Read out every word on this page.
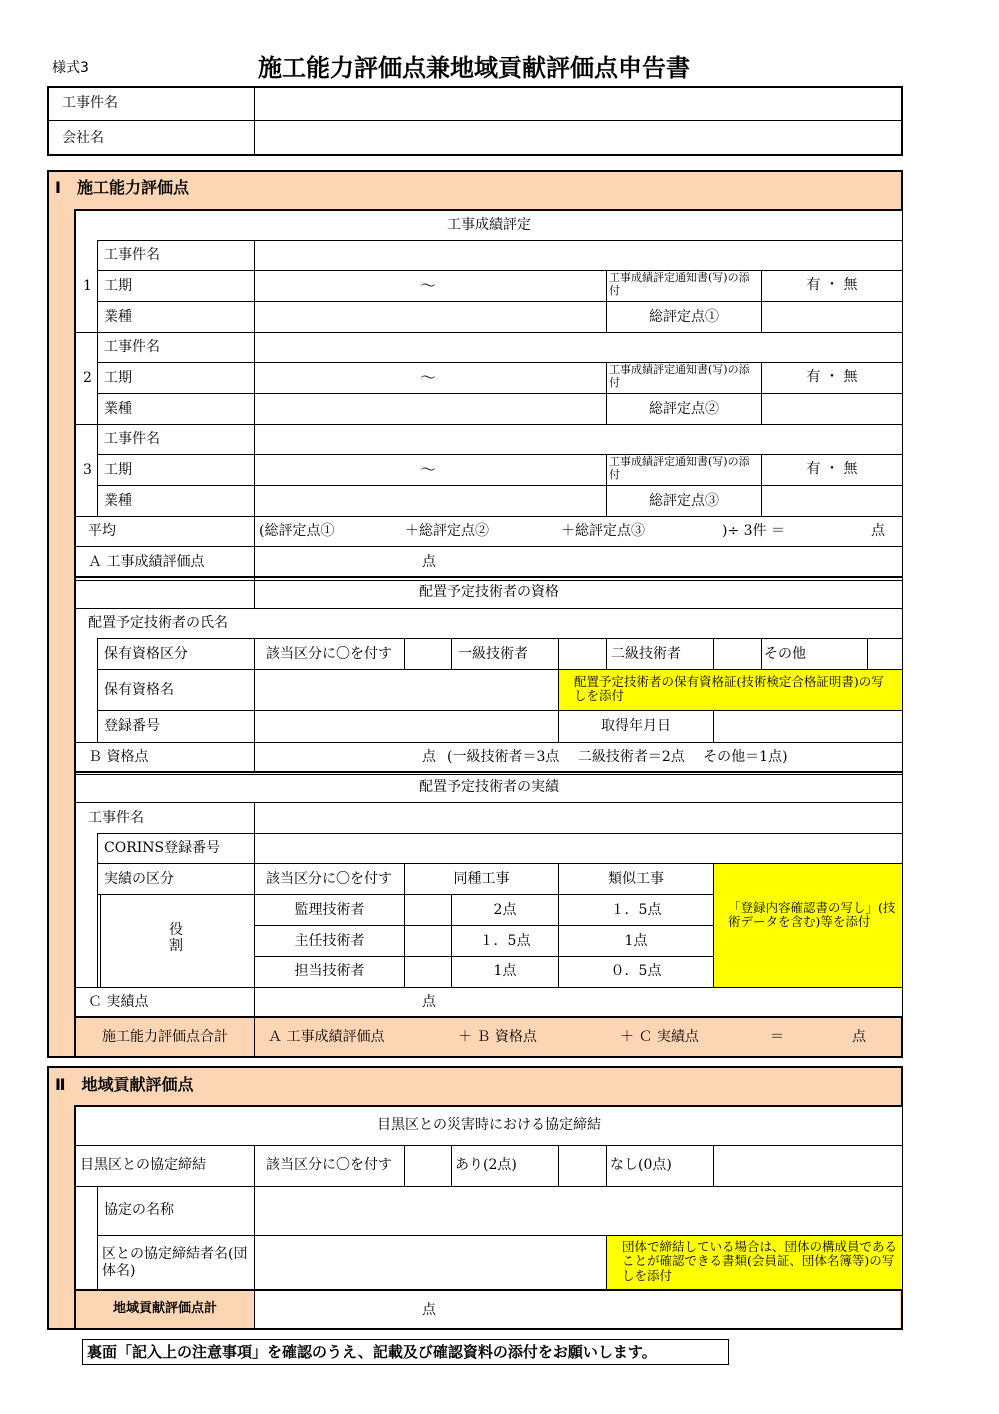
様式3	施工能力評価点兼地域貢献評価点申告書
工事件名
会社名
Ⅰ　施工能力評価点
工事成績評定
1
工事件名
工期	～	工事成績評定通知書(写)の添付	有 ・ 無
業種	総評定点①
2
工事件名
工期	～	工事成績評定通知書(写)の添付	有 ・ 無
業種	総評定点②
3
工事件名
工期	～	工事成績評定通知書(写)の添付	有 ・ 無
業種	総評定点③
平均	(総評定点①	＋総評定点②	＋総評定点③	)÷ 3件 ＝	点
Ａ 工事成績評価点	点
配置予定技術者の資格
配置予定技術者の氏名
保有資格区分	該当区分に〇を付す	一級技術者	二級技術者	その他
保有資格名
配置予定技術者の保有資格証(技術検定合格証明書)の写しを添付
登録番号	取得年月日
Ｂ 資格点	点 (一級技術者＝3点　 二級技術者＝2点　 その他＝1点)
配置予定技術者の実績
工事件名
CORINS登録番号
実績の区分	該当区分に〇を付す	同種工事	類似工事
「登録内容確認書の写し」(技術データを含む)等を添付
役割
監理技術者	2点	１．5点
主任技術者	１．5点	1点
担当技術者	1点	０．5点
Ｃ 実績点	点
施工能力評価点合計	Ａ 工事成績評価点	＋ Ｂ 資格点	＋ Ｃ 実績点	＝	点
Ⅱ　地域貢献評価点
目黒区との災害時における協定締結
目黒区との協定締結	該当区分に〇を付す	あり(2点)	なし(0点)
協定の名称
区との協定締結者名(団体名)
団体で締結している場合は、団体の構成員であることが確認できる書類(会員証、団体名簿等)の写しを添付
地域貢献評価点計	点
裏面「記入上の注意事項」を確認のうえ、記載及び確認資料の添付をお願いします。
